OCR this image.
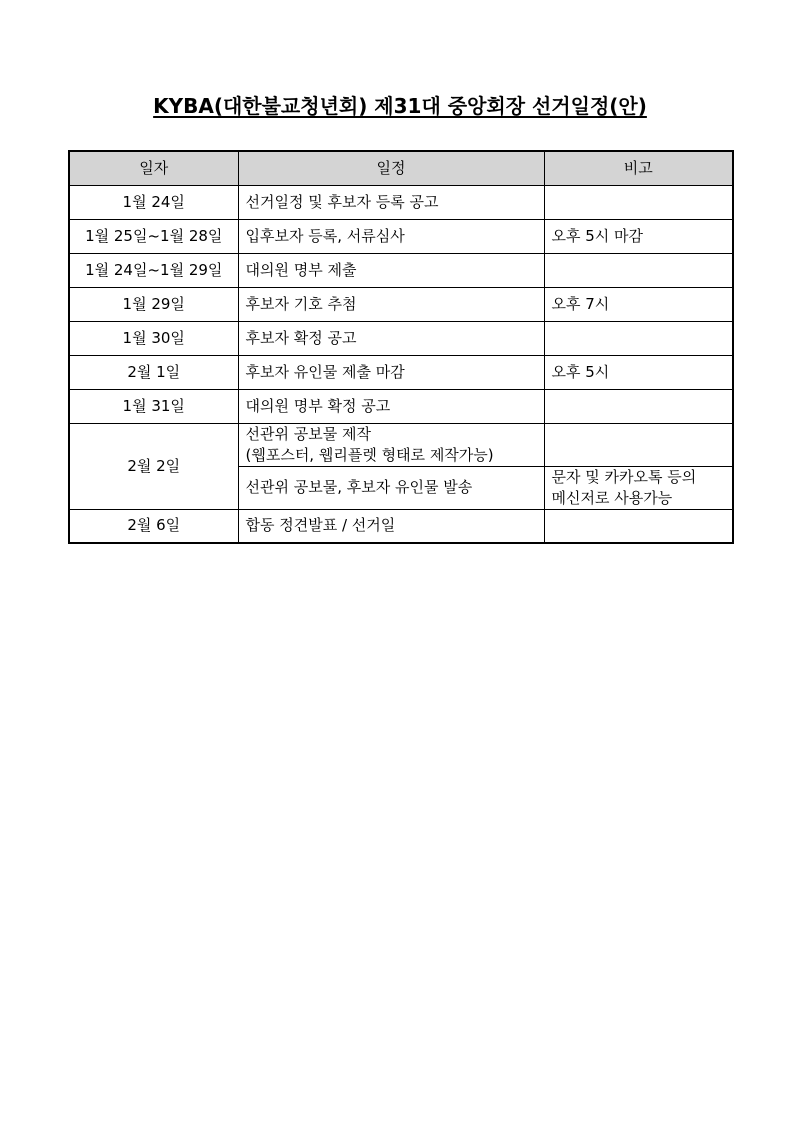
KYBA(대한불교청년회) 제31대 중앙회장 선거일정(안)
일자	일정	비고
1월 24일	선거일정 및 후보자 등록 공고	
1월 25일~1월 28일	입후보자 등록, 서류심사	오후 5시 마감
1월 24일~1월 29일	대의원 명부 제출	
1월 29일	후보자 기호 추첨	오후 7시
1월 30일	후보자 확정 공고	
2월 1일	후보자 유인물 제출 마감	오후 5시
1월 31일	대의원 명부 확정 공고	
2월 2일	선관위 공보물 제작
(웹포스터, 웹리플렛 형태로 제작가능)	

	선관위 공보물, 후보자 유인물 발송	문자 및 카카오톡 등의
메신저로 사용가능

2월 6일	합동 정견발표 / 선거일	
